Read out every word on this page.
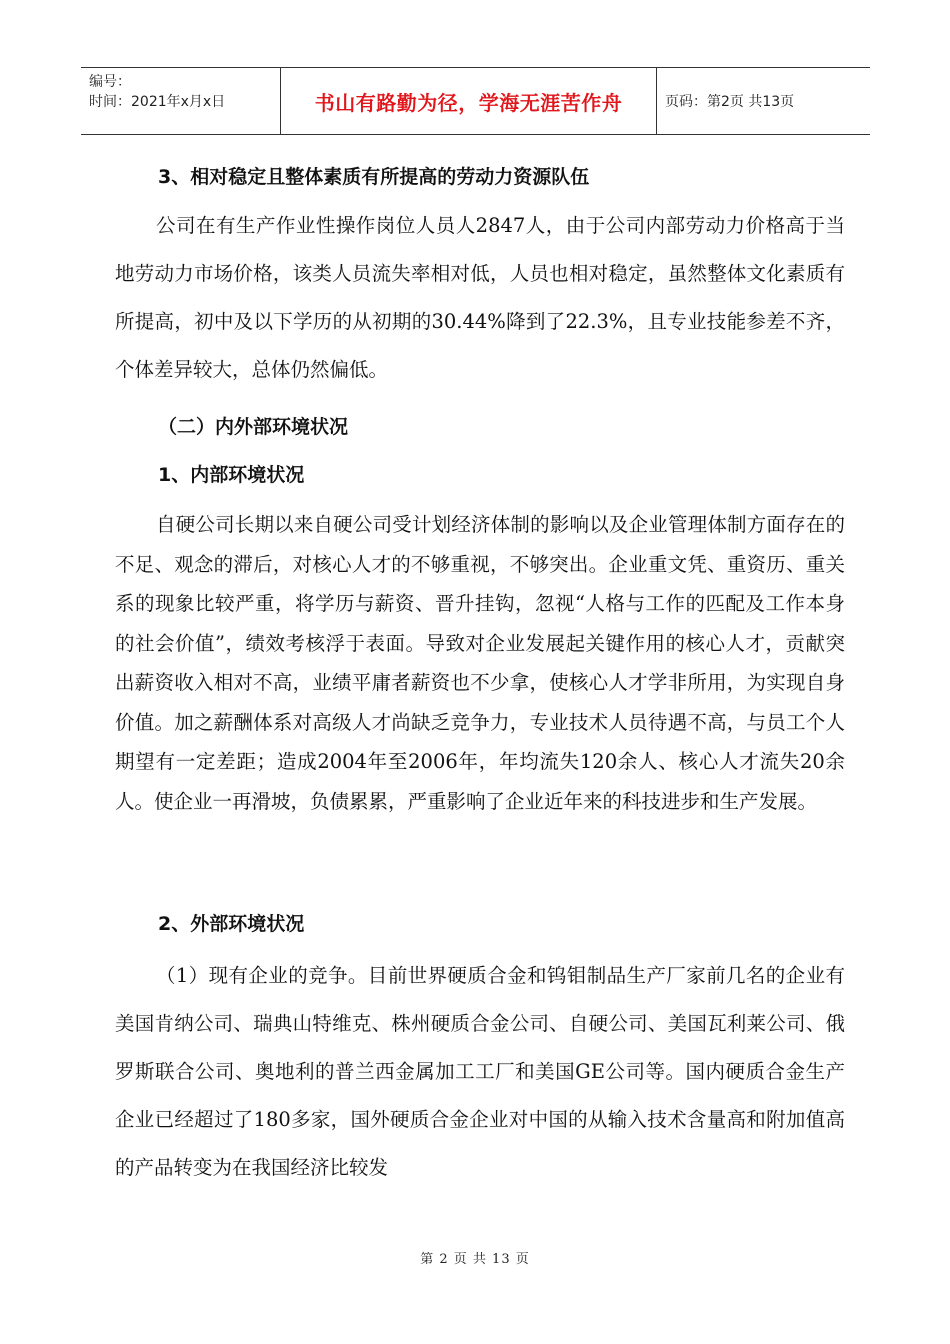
编号：
时间：2021年x月x日	书山有路勤为径，学海无涯苦作舟	页码：第2页 共13页

3、相对稳定且整体素质有所提高的劳动力资源队伍

公司在有生产作业性操作岗位人员人2847人，由于公司内部劳动力价格高于当地劳动力市场价格，该类人员流失率相对低，人员也相对稳定，虽然整体文化素质有所提高，初中及以下学历的从初期的30.44%降到了22.3%，且专业技能参差不齐，个体差异较大，总体仍然偏低。

（二）内外部环境状况

1、内部环境状况

自硬公司长期以来自硬公司受计划经济体制的影响以及企业管理体制方面存在的不足、观念的滞后，对核心人才的不够重视，不够突出。企业重文凭、重资历、重关系的现象比较严重，将学历与薪资、晋升挂钩，忽视“人格与工作的匹配及工作本身的社会价值”，绩效考核浮于表面。导致对企业发展起关键作用的核心人才，贡献突出薪资收入相对不高，业绩平庸者薪资也不少拿，使核心人才学非所用，为实现自身价值。加之薪酬体系对高级人才尚缺乏竞争力，专业技术人员待遇不高，与员工个人期望有一定差距；造成2004年至2006年，年均流失120余人、核心人才流失20余人。使企业一再滑坡，负债累累，严重影响了企业近年来的科技进步和生产发展。

2、外部环境状况

（1）现有企业的竞争。目前世界硬质合金和钨钼制品生产厂家前几名的企业有美国肯纳公司、瑞典山特维克、株州硬质合金公司、自硬公司、美国瓦利莱公司、俄罗斯联合公司、奥地利的普兰西金属加工工厂和美国GE公司等。国内硬质合金生产企业已经超过了180多家，国外硬质合金企业对中国的从输入技术含量高和附加值高的产品转变为在我国经济比较发

第 2 页 共 13 页
